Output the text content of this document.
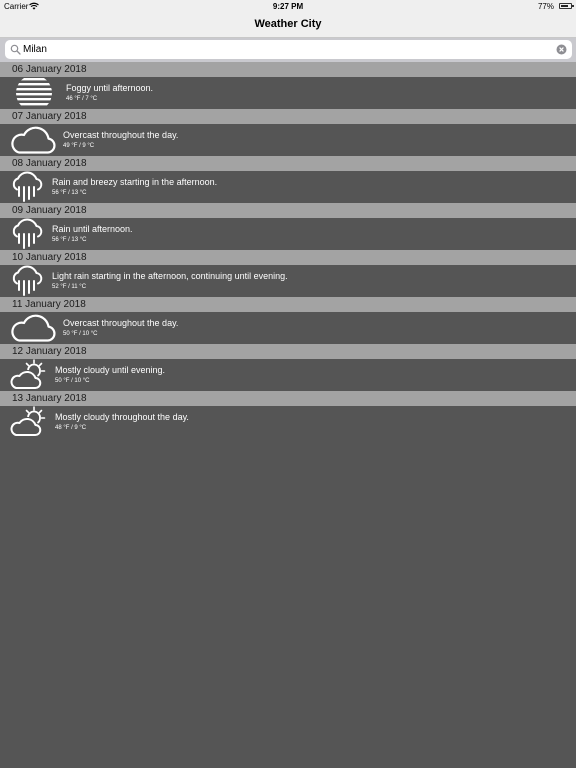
Carrier	9:27 PM	77%
Weather City
Milan
06 January 2018
Foggy until afternoon.
46 °F / 7 °C
07 January 2018
Overcast throughout the day.
49 °F / 9 °C
08 January 2018
Rain and breezy starting in the afternoon.
56 °F / 13 °C
09 January 2018
Rain until afternoon.
56 °F / 13 °C
10 January 2018
Light rain starting in the afternoon, continuing until evening.
52 °F / 11 °C
11 January 2018
Overcast throughout the day.
50 °F / 10 °C
12 January 2018
Mostly cloudy until evening.
50 °F / 10 °C
13 January 2018
Mostly cloudy throughout the day.
48 °F / 9 °C
